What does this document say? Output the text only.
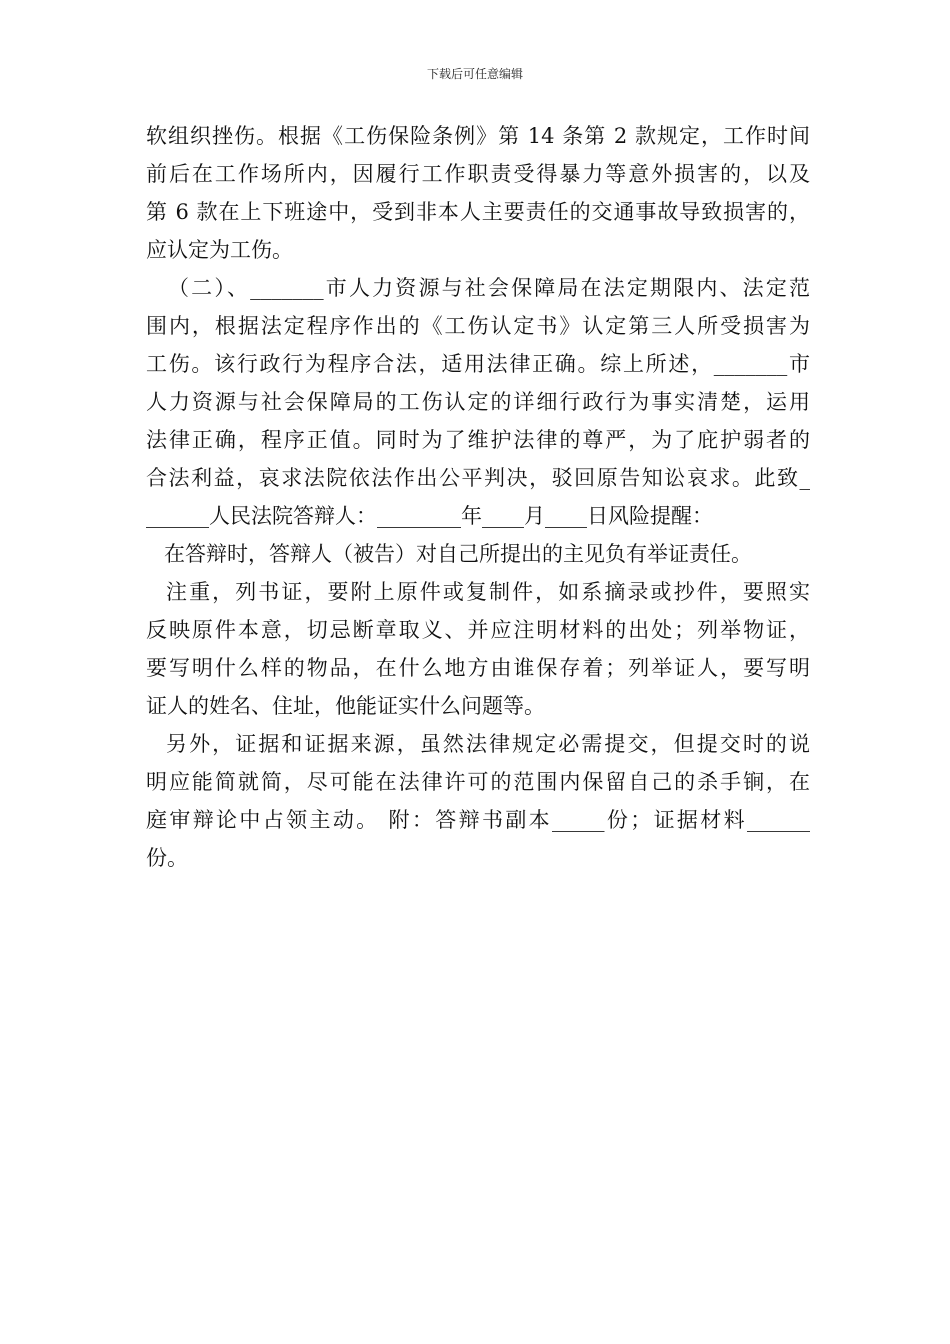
下载后可任意编辑
软组织挫伤。根据《工伤保险条例》第 14 条第 2 款规定，工作时间
前后在工作场所内，因履行工作职责受得暴力等意外损害的，以及
第 6 款在上下班途中，受到非本人主要责任的交通事故导致损害的，
应认定为工伤。
（二）、_______市人力资源与社会保障局在法定期限内、法定范
围内，根据法定程序作出的《工伤认定书》认定第三人所受损害为
工伤。该行政行为程序合法，适用法律正确。综上所述，_______市
人力资源与社会保障局的工伤认定的详细行政行为事实清楚，运用
法律正确，程序正值。同时为了维护法律的尊严，为了庇护弱者的
合法利益，哀求法院依法作出公平判决，驳回原告知讼哀求。此致_
______人民法院答辩人：________年____月____日风险提醒：
在答辩时，答辩人（被告）对自己所提出的主见负有举证责任。
注重，列书证，要附上原件或复制件，如系摘录或抄件，要照实
反映原件本意，切忌断章取义、并应注明材料的出处；列举物证，
要写明什么样的物品，在什么地方由谁保存着；列举证人，要写明
证人的姓名、住址，他能证实什么问题等。
另外，证据和证据来源，虽然法律规定必需提交，但提交时的说
明应能简就简，尽可能在法律许可的范围内保留自己的杀手锏，在
庭审辩论中占领主动。 附：答辩书副本_____份；证据材料______
份。
